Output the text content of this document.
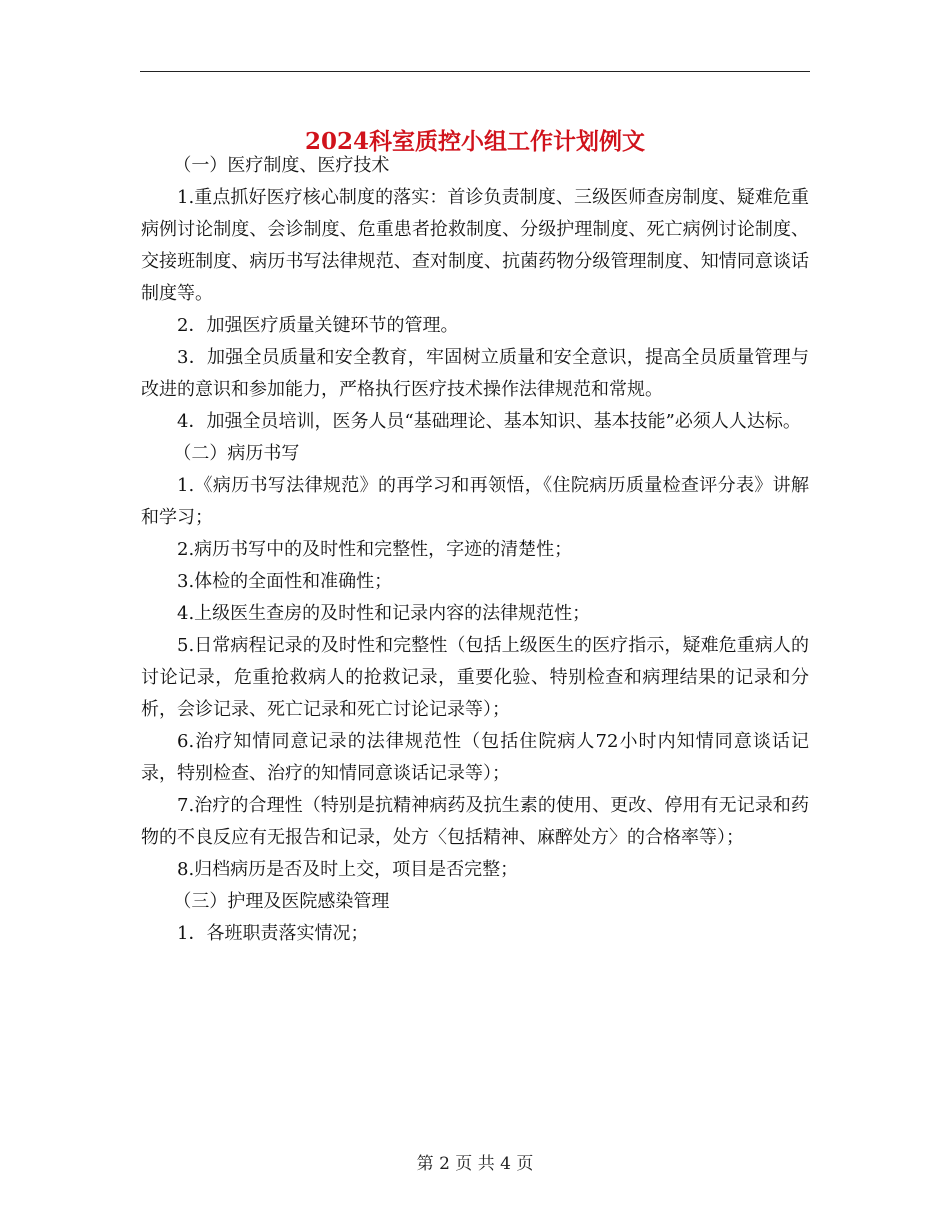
2024科室质控小组工作计划例文

（一）医疗制度、医疗技术

1.重点抓好医疗核心制度的落实：首诊负责制度、三级医师查房制度、疑难危重病例讨论制度、会诊制度、危重患者抢救制度、分级护理制度、死亡病例讨论制度、交接班制度、病历书写法律规范、查对制度、抗菌药物分级管理制度、知情同意谈话制度等。

2．加强医疗质量关键环节的管理。

3．加强全员质量和安全教育，牢固树立质量和安全意识，提高全员质量管理与改进的意识和参加能力，严格执行医疗技术操作法律规范和常规。

4．加强全员培训，医务人员“基础理论、基本知识、基本技能”必须人人达标。

（二）病历书写

1.《病历书写法律规范》的再学习和再领悟，《住院病历质量检查评分表》讲解和学习；

2.病历书写中的及时性和完整性，字迹的清楚性；

3.体检的全面性和准确性；

4.上级医生查房的及时性和记录内容的法律规范性；

5.日常病程记录的及时性和完整性（包括上级医生的医疗指示，疑难危重病人的讨论记录，危重抢救病人的抢救记录，重要化验、特别检查和病理结果的记录和分析，会诊记录、死亡记录和死亡讨论记录等）；

6.治疗知情同意记录的法律规范性（包括住院病人72小时内知情同意谈话记录，特别检查、治疗的知情同意谈话记录等）；

7.治疗的合理性（特别是抗精神病药及抗生素的使用、更改、停用有无记录和药物的不良反应有无报告和记录，处方〈包括精神、麻醉处方〉的合格率等）；

8.归档病历是否及时上交，项目是否完整；

（三）护理及医院感染管理

1．各班职责落实情况；

第 2 页 共 4 页
